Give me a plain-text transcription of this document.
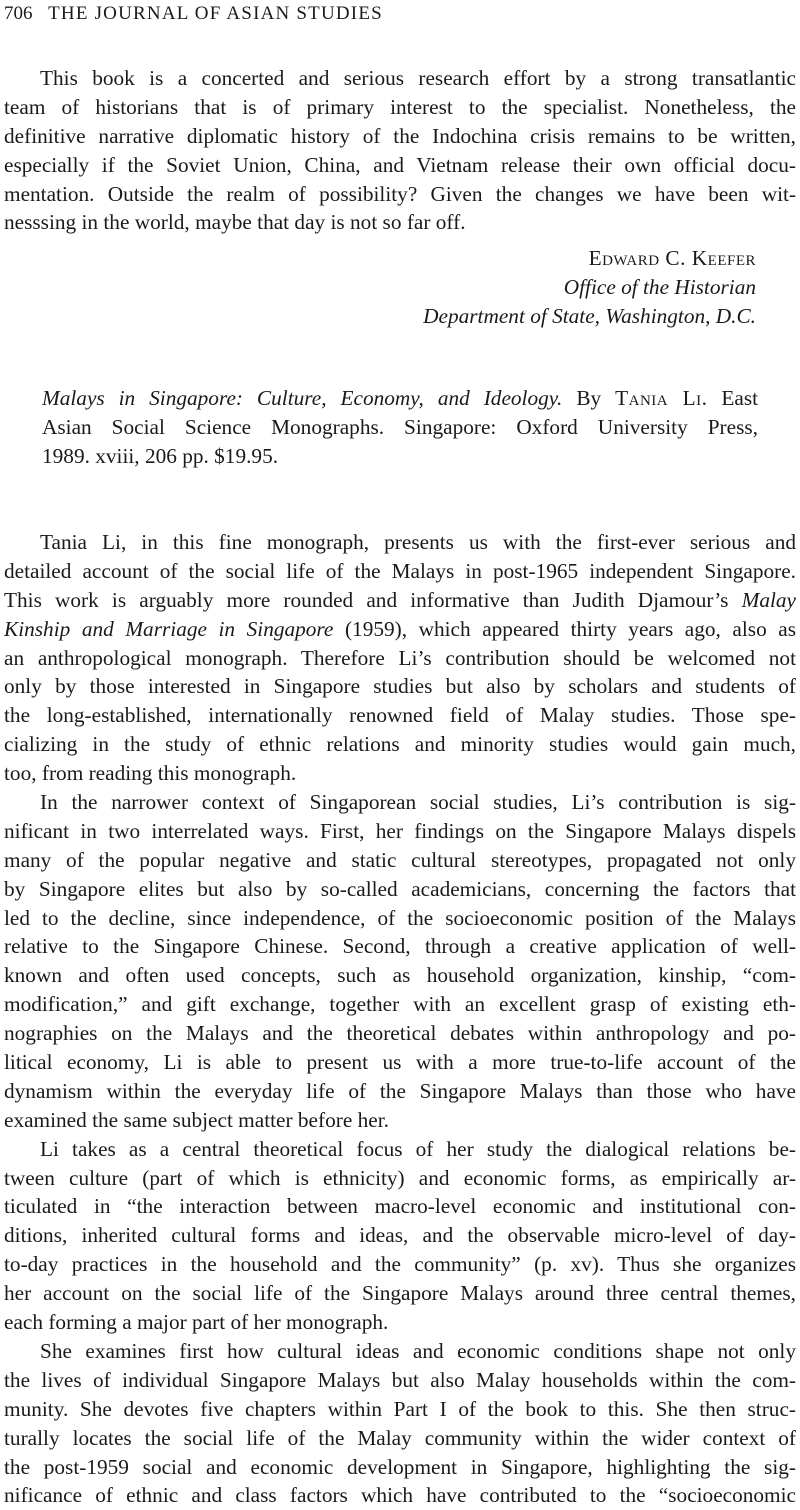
706 THE JOURNAL OF ASIAN STUDIES
This book is a concerted and serious research effort by a strong transatlantic
team of historians that is of primary interest to the specialist. Nonetheless, the
definitive narrative diplomatic history of the Indochina crisis remains to be written,
especially if the Soviet Union, China, and Vietnam release their own official docu-
mentation. Outside the realm of possibility? Given the changes we have been wit-
nesssing in the world, maybe that day is not so far off.
Edward C. Keefer
Office of the Historian
Department of State, Washington, D.C.
Malays in Singapore: Culture, Economy, and Ideology. By Tania Li. East
Asian Social Science Monographs. Singapore: Oxford University Press,
1989. xviii, 206 pp. $19.95.
Tania Li, in this fine monograph, presents us with the first-ever serious and
detailed account of the social life of the Malays in post-1965 independent Singapore.
This work is arguably more rounded and informative than Judith Djamour’s Malay
Kinship and Marriage in Singapore (1959), which appeared thirty years ago, also as
an anthropological monograph. Therefore Li’s contribution should be welcomed not
only by those interested in Singapore studies but also by scholars and students of
the long-established, internationally renowned field of Malay studies. Those spe-
cializing in the study of ethnic relations and minority studies would gain much,
too, from reading this monograph.
In the narrower context of Singaporean social studies, Li’s contribution is sig-
nificant in two interrelated ways. First, her findings on the Singapore Malays dispels
many of the popular negative and static cultural stereotypes, propagated not only
by Singapore elites but also by so-called academicians, concerning the factors that
led to the decline, since independence, of the socioeconomic position of the Malays
relative to the Singapore Chinese. Second, through a creative application of well-
known and often used concepts, such as household organization, kinship, “com-
modification,” and gift exchange, together with an excellent grasp of existing eth-
nographies on the Malays and the theoretical debates within anthropology and po-
litical economy, Li is able to present us with a more true-to-life account of the
dynamism within the everyday life of the Singapore Malays than those who have
examined the same subject matter before her.
Li takes as a central theoretical focus of her study the dialogical relations be-
tween culture (part of which is ethnicity) and economic forms, as empirically ar-
ticulated in “the interaction between macro-level economic and institutional con-
ditions, inherited cultural forms and ideas, and the observable micro-level of day-
to-day practices in the household and the community” (p. xv). Thus she organizes
her account on the social life of the Singapore Malays around three central themes,
each forming a major part of her monograph.
She examines first how cultural ideas and economic conditions shape not only
the lives of individual Singapore Malays but also Malay households within the com-
munity. She devotes five chapters within Part I of the book to this. She then struc-
turally locates the social life of the Malay community within the wider context of
the post-1959 social and economic development in Singapore, highlighting the sig-
nificance of ethnic and class factors which have contributed to the “socioeconomic
